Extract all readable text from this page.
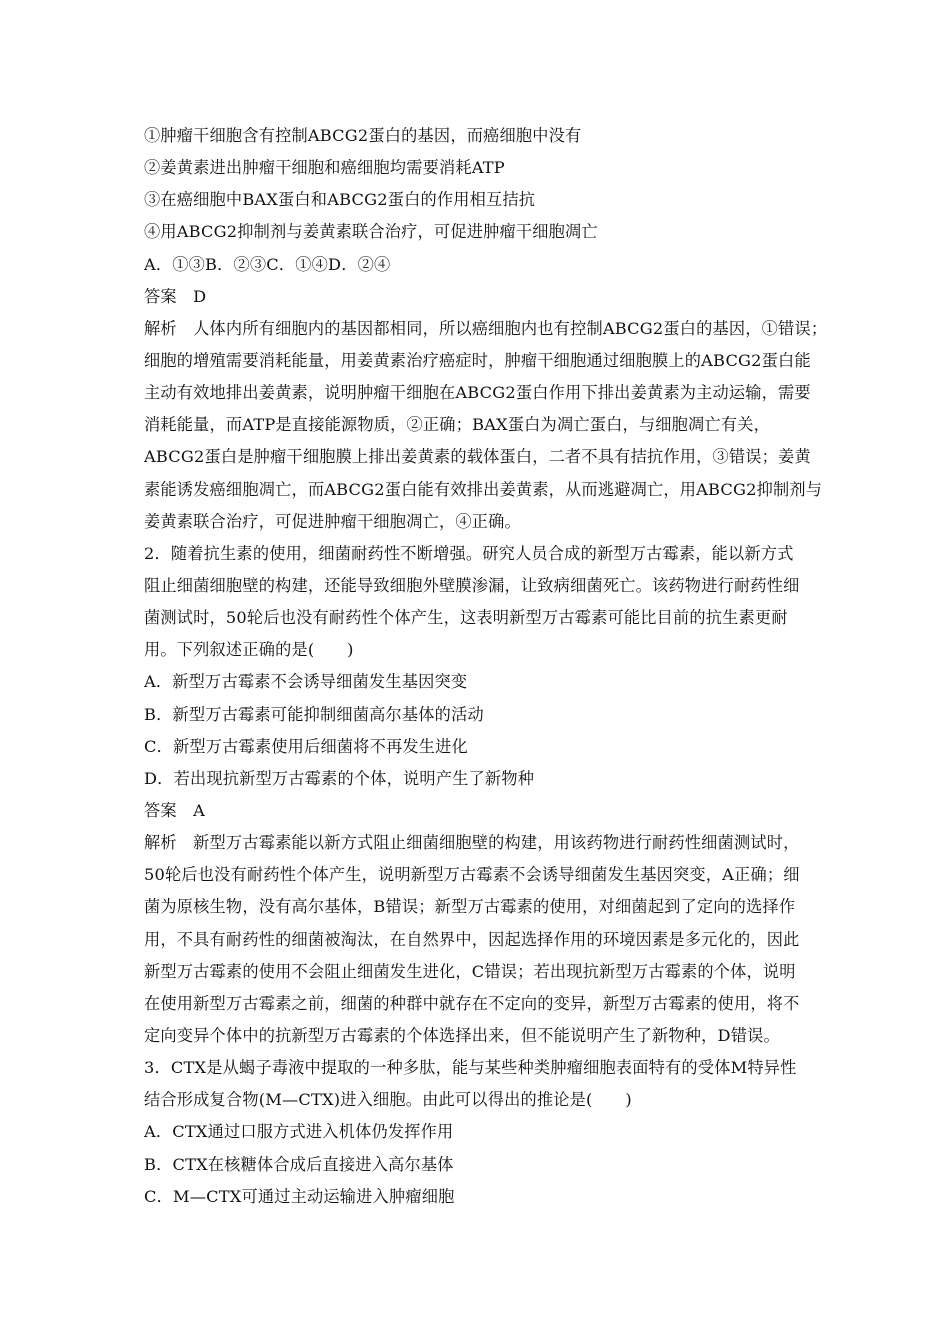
①肿瘤干细胞含有控制ABCG2蛋白的基因，而癌细胞中没有
②姜黄素进出肿瘤干细胞和癌细胞均需要消耗ATP
③在癌细胞中BAX蛋白和ABCG2蛋白的作用相互拮抗
④用ABCG2抑制剂与姜黄素联合治疗，可促进肿瘤干细胞凋亡
A．①③B．②③C．①④D．②④
答案　D
解析　人体内所有细胞内的基因都相同，所以癌细胞内也有控制ABCG2蛋白的基因，①错误；
细胞的增殖需要消耗能量，用姜黄素治疗癌症时，肿瘤干细胞通过细胞膜上的ABCG2蛋白能
主动有效地排出姜黄素，说明肿瘤干细胞在ABCG2蛋白作用下排出姜黄素为主动运输，需要
消耗能量，而ATP是直接能源物质，②正确；BAX蛋白为凋亡蛋白，与细胞凋亡有关，
ABCG2蛋白是肿瘤干细胞膜上排出姜黄素的载体蛋白，二者不具有拮抗作用，③错误；姜黄
素能诱发癌细胞凋亡，而ABCG2蛋白能有效排出姜黄素，从而逃避凋亡，用ABCG2抑制剂与
姜黄素联合治疗，可促进肿瘤干细胞凋亡，④正确。
2．随着抗生素的使用，细菌耐药性不断增强。研究人员合成的新型万古霉素，能以新方式
阻止细菌细胞壁的构建，还能导致细胞外壁膜渗漏，让致病细菌死亡。该药物进行耐药性细
菌测试时，50轮后也没有耐药性个体产生，这表明新型万古霉素可能比目前的抗生素更耐
用。下列叙述正确的是(　　)
A．新型万古霉素不会诱导细菌发生基因突变
B．新型万古霉素可能抑制细菌高尔基体的活动
C．新型万古霉素使用后细菌将不再发生进化
D．若出现抗新型万古霉素的个体，说明产生了新物种
答案　A
解析　新型万古霉素能以新方式阻止细菌细胞壁的构建，用该药物进行耐药性细菌测试时，
50轮后也没有耐药性个体产生，说明新型万古霉素不会诱导细菌发生基因突变，A正确；细
菌为原核生物，没有高尔基体，B错误；新型万古霉素的使用，对细菌起到了定向的选择作
用，不具有耐药性的细菌被淘汰，在自然界中，因起选择作用的环境因素是多元化的，因此
新型万古霉素的使用不会阻止细菌发生进化，C错误；若出现抗新型万古霉素的个体，说明
在使用新型万古霉素之前，细菌的种群中就存在不定向的变异，新型万古霉素的使用，将不
定向变异个体中的抗新型万古霉素的个体选择出来，但不能说明产生了新物种，D错误。
3．CTX是从蝎子毒液中提取的一种多肽，能与某些种类肿瘤细胞表面特有的受体M特异性
结合形成复合物(M—CTX)进入细胞。由此可以得出的推论是(　　)
A．CTX通过口服方式进入机体仍发挥作用
B．CTX在核糖体合成后直接进入高尔基体
C．M—CTX可通过主动运输进入肿瘤细胞
